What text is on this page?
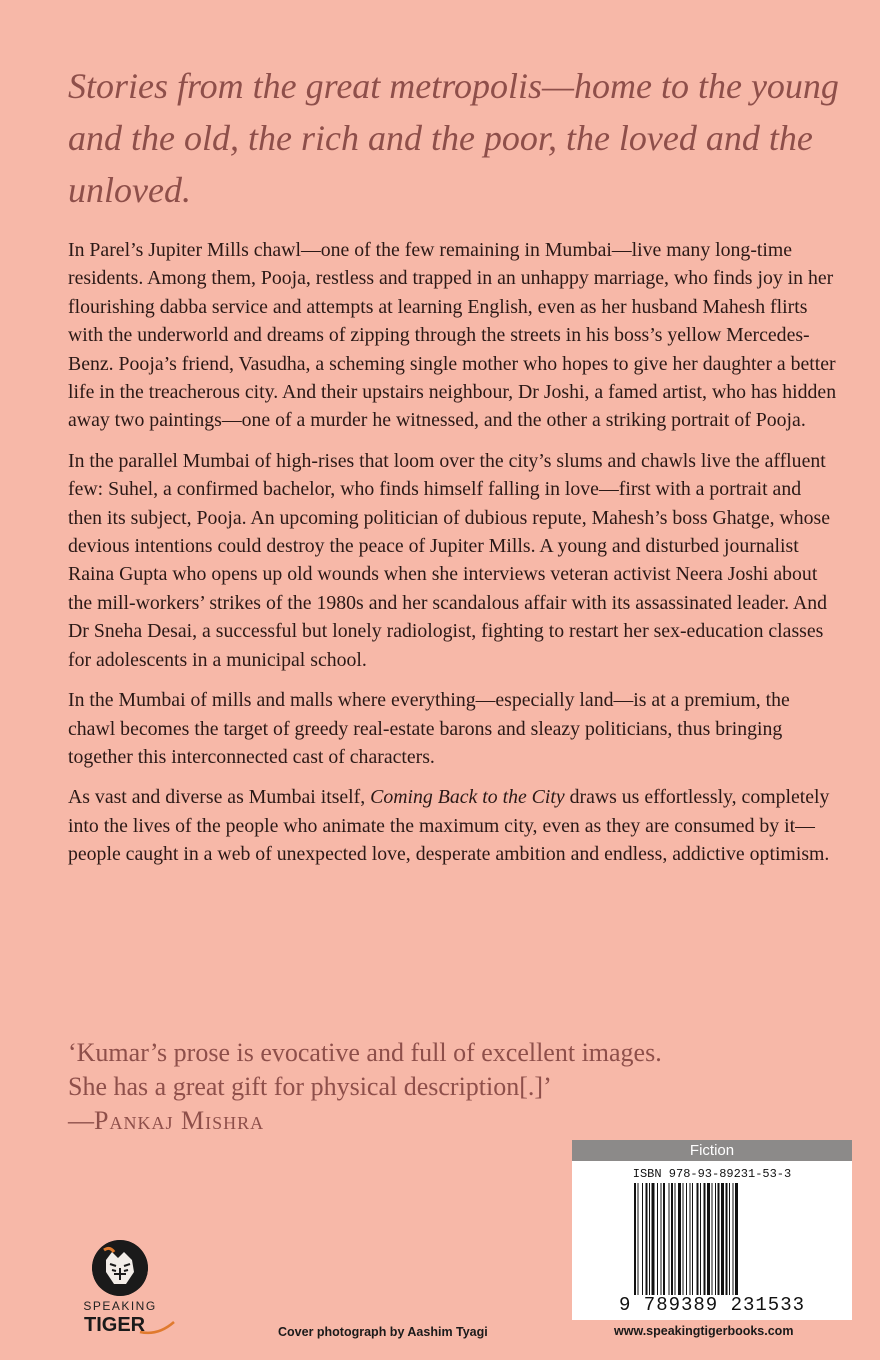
Stories from the great metropolis—home to the young and the old, the rich and the poor, the loved and the unloved.

In Parel’s Jupiter Mills chawl—one of the few remaining in Mumbai—live many long-time residents. Among them, Pooja, restless and trapped in an unhappy marriage, who finds joy in her flourishing dabba service and attempts at learning English, even as her husband Mahesh flirts with the underworld and dreams of zipping through the streets in his boss’s yellow Mercedes-Benz. Pooja’s friend, Vasudha, a scheming single mother who hopes to give her daughter a better life in the treacherous city. And their upstairs neighbour, Dr Joshi, a famed artist, who has hidden away two paintings—one of a murder he witnessed, and the other a striking portrait of Pooja.

In the parallel Mumbai of high-rises that loom over the city’s slums and chawls live the affluent few: Suhel, a confirmed bachelor, who finds himself falling in love—first with a portrait and then its subject, Pooja. An upcoming politician of dubious repute, Mahesh’s boss Ghatge, whose devious intentions could destroy the peace of Jupiter Mills. A young and disturbed journalist Raina Gupta who opens up old wounds when she interviews veteran activist Neera Joshi about the mill-workers’ strikes of the 1980s and her scandalous affair with its assassinated leader. And Dr Sneha Desai, a successful but lonely radiologist, fighting to restart her sex-education classes for adolescents in a municipal school.

In the Mumbai of mills and malls where everything—especially land—is at a premium, the chawl becomes the target of greedy real-estate barons and sleazy politicians, thus bringing together this interconnected cast of characters.

As vast and diverse as Mumbai itself, Coming Back to the City draws us effortlessly, completely into the lives of the people who animate the maximum city, even as they are consumed by it—people caught in a web of unexpected love, desperate ambition and endless, addictive optimism.

‘Kumar’s prose is evocative and full of excellent images.
She has a great gift for physical description[.]’
—Pankaj Mishra
Fiction
ISBN 978-93-89231-53-3
9 789389 231533
SPEAKING
TIGER	Cover photograph by Aashim Tyagi	www.speakingtigerbooks.com
